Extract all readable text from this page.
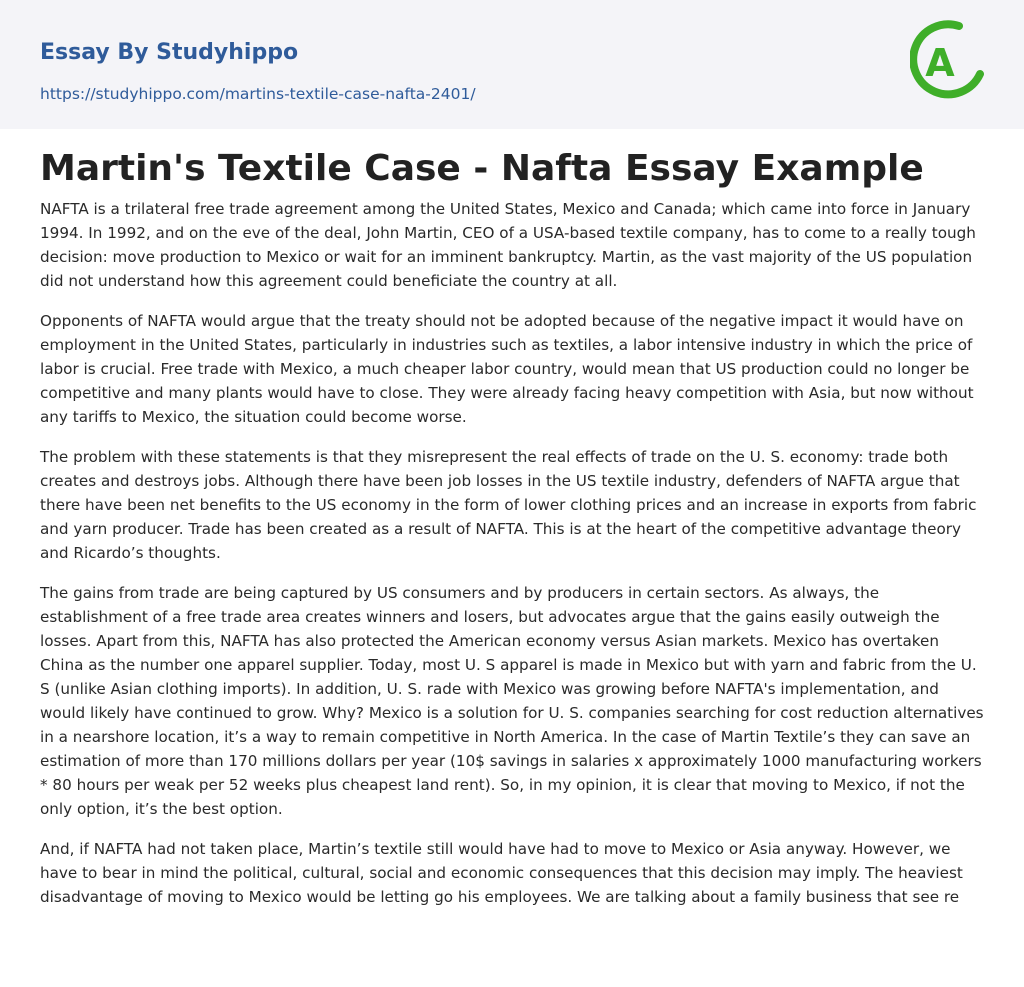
Essay By Studyhippo
https://studyhippo.com/martins-textile-case-nafta-2401/
A
Martin's Textile Case - Nafta Essay Example

NAFTA is a trilateral free trade agreement among the United States, Mexico and Canada; which came into force in January 1994. In 1992, and on the eve of the deal, John Martin, CEO of a USA-based textile company, has to come to a really tough decision: move production to Mexico or wait for an imminent bankruptcy. Martin, as the vast majority of the US population did not understand how this agreement could beneficiate the country at all.

Opponents of NAFTA would argue that the treaty should not be adopted because of the negative impact it would have on employment in the United States, particularly in industries such as textiles, a labor intensive industry in which the price of labor is crucial. Free trade with Mexico, a much cheaper labor country, would mean that US production could no longer be competitive and many plants would have to close. They were already facing heavy competition with Asia, but now without any tariffs to Mexico, the situation could become worse.

The problem with these statements is that they misrepresent the real effects of trade on the U. S. economy: trade both creates and destroys jobs. Although there have been job losses in the US textile industry, defenders of NAFTA argue that there have been net benefits to the US economy in the form of lower clothing prices and an increase in exports from fabric and yarn producer. Trade has been created as a result of NAFTA. This is at the heart of the competitive advantage theory and Ricardo’s thoughts.

The gains from trade are being captured by US consumers and by producers in certain sectors. As always, the establishment of a free trade area creates winners and losers, but advocates argue that the gains easily outweigh the losses. Apart from this, NAFTA has also protected the American economy versus Asian markets. Mexico has overtaken China as the number one apparel supplier. Today, most U. S apparel is made in Mexico but with yarn and fabric from the U. S (unlike Asian clothing imports). In addition, U. S. rade with Mexico was growing before NAFTA's implementation, and would likely have continued to grow. Why? Mexico is a solution for U. S. companies searching for cost reduction alternatives in a nearshore location, it’s a way to remain competitive in North America. In the case of Martin Textile’s they can save an estimation of more than 170 millions dollars per year (10$ savings in salaries x approximately 1000 manufacturing workers * 80 hours per weak per 52 weeks plus cheapest land rent). So, in my opinion, it is clear that moving to Mexico, if not the only option, it’s the best option.

And, if NAFTA had not taken place, Martin’s textile still would have had to move to Mexico or Asia anyway. However, we have to bear in mind the political, cultural, social and economic consequences that this decision may imply. The heaviest disadvantage of moving to Mexico would be letting go his employees. We are talking about a family business that see re
